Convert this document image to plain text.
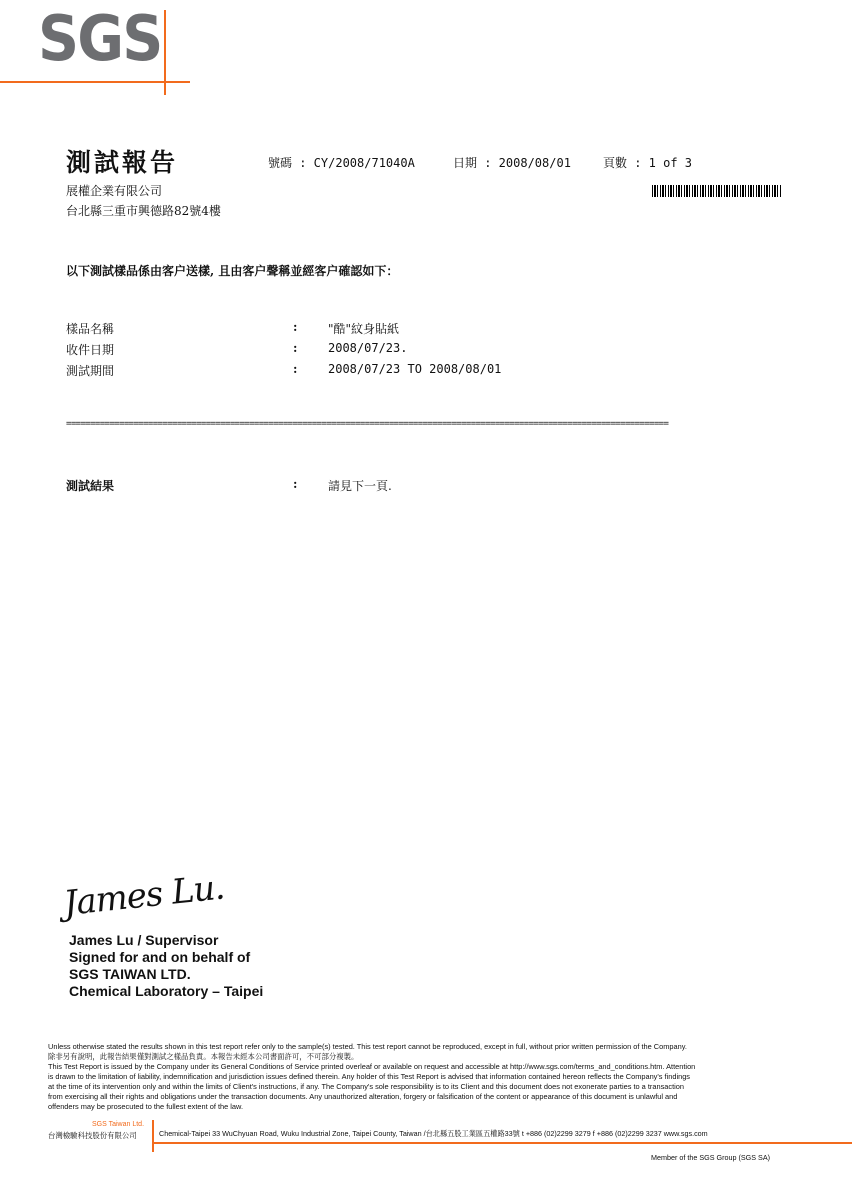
SGS
測試報告	號碼 : CY/2008/71040A	日期 : 2008/08/01	頁數 : 1 of 3
展權企業有限公司
台北縣三重市興德路82號4樓
以下測試樣品係由客户送樣, 且由客户聲稱並經客户確認如下：
樣品名稱	:	"酷"紋身貼紙
收件日期	:	2008/07/23.
測試期間	:	2008/07/23 TO 2008/08/01
=============================================================================================================================
測試結果	:	請見下一頁.
James Lu.
James Lu / Supervisor
Signed for and on behalf of
SGS TAIWAN LTD.
Chemical Laboratory – Taipei
Unless otherwise stated the results shown in this test report refer only to the sample(s) tested. This test report cannot be reproduced, except in full, without prior written permission of the Company.
除非另有說明，此報告結果僅對測試之樣品負責。本報告未經本公司書面許可，不可部分複製。
This Test Report is issued by the Company under its General Conditions of Service printed overleaf or available on request and accessible at http://www.sgs.com/terms_and_conditions.htm. Attention
is drawn to the limitation of liability, indemnification and jurisdiction issues defined therein. Any holder of this Test Report is advised that information contained hereon reflects the Company's findings
at the time of its intervention only and within the limits of Client's instructions, if any. The Company's sole responsibility is to its Client and this document does not exonerate parties to a transaction
from exercising all their rights and obligations under the transaction documents. Any unauthorized alteration, forgery or falsification of the content or appearance of this document is unlawful and
offenders may be prosecuted to the fullest extent of the law.
SGS Taiwan Ltd.
台灣檢驗科技股份有限公司	Chemical-Taipei 33 WuChyuan Road, Wuku Industrial Zone, Taipei County, Taiwan /台北縣五股工業區五權路33號 t +886 (02)2299 3279 f +886 (02)2299 3237 www.sgs.com
Member of the SGS Group (SGS SA)
